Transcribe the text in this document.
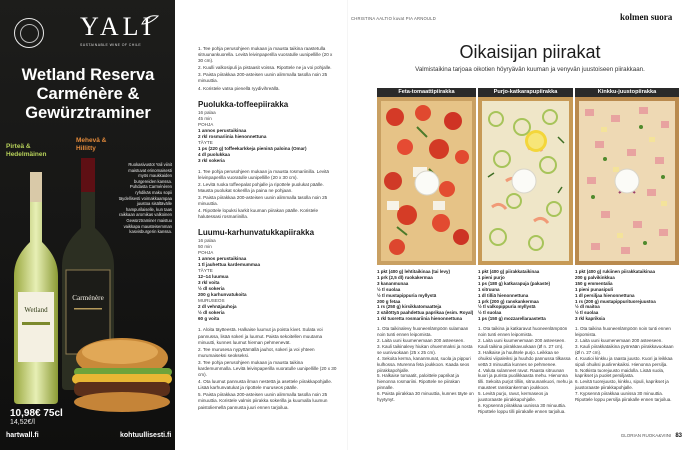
YALI
SUSTAINABLE WINE OF CHILE
Wetland Reserva Carménère & Gewürztraminer
Pirteä & Hedelmäinen
Mehevä & Hillitty
Ruokasivustot Yali viinit maistuvat erinomaisesti myös maukkaiden burgereiden kanssa. Puhdasta Carménèren ryhdikäs maku sopii täydellisesti voimakkaampaa juustoa sisältävälle hampurilaiselle, kun taas raikkaan aromikas valkoinen Gewürztraminer maistuu vaikkapa mausteisemman kasvisburgerin kanssa.
Wetland
Carménère
10,98€ 75cl
14,52€/l
hartwall.fi	kohtuullisesti.fi

1. Tee pohja perusohjeen mukaan ja mausta taikina raastetulla sitruunankuorella. Levitä leivinpaperilla vuoratulle uunipellille (20 x 30 cm).

2. Kuulli valkosipuli ja pistaasit voissa. Ripottele ne ja voi pohjalle.

3. Paista piirakkaa 200-asteisen uunin alimmalla tasolla noin 25 minuuttia.

4. Koristele vatsa pienellä ryydivihreällä.

Puolukka-toffeepiirakka
16 palaa
45 min
POHJA
1 annos perustaikinaa
2 rkl rosmariinia hienonnettuna
TÄYTE
1 ps (220 g) toffeekarkkeja pieninä paloina (Omar)
4 dl puolukkaa
3 rkl sokeria

1. Tee pohja perusohjeen mukaan ja mausta rosmariinilla. Levitä leivinpaperilla vuoratulle uunipellille (20 x 30 cm).

2. Levitä ruoka toffeepalat pohjalle ja ripottele puolukat päälle. Mausta puolukat sokerilla ja paina ne pohjaan.

3. Paista piirakkaa 200-asteisen uunin alimmalla tasolla noin 25 minuuttia.

4. Ripottele lopuksi karkit kuuman piirakan päälle. Koristele halutessasi rosmariinilla.

Luumu-karhunvatukkapiirakka
16 palaa
50 min
POHJA
1 annos perustaikinaa
1 tl jauhettua kardemummaa
TÄYTE
12–14 luumua
3 rkl voita
½ dl sokeria
200 g karhunvatukoita
MURUSEOS
2 dl vehnäjauhoja
½ dl sokeria
60 g voita

1. Aloita täytteestä. Halkaise luumut ja poista kivet. Sulata voi pannussa, lisää sokeri ja luumut. Paista sekoitellen muutama minuutti, kunnes luumut hieman pehmenevät.

2. Tee murusesa nypyttämällä jauhot, sokeri ja voi yhteen murumaiseksi seokseksi.

3. Tee pohja perusohjeen mukaan ja mausta taikina kardemummalla. Levitä leivinpaperilla vuoratulle uunipellille (20 x 30 cm).

4. Ota luumut pannusta ilman nestettä ja asettele piirakkapohjalle. Lisää karhunvatukat ja ripottele muruseos päälle.

5. Paista piirakkaa 200-asteisen uunin alimmalla tasolla noin 25 minuuttia. Koristele valmis piirakka sokerilla ja kuumalla luumun paistoliemellä pannusta juuri ennen tarjoilua.

CHRISTINA AALTIO kuvat PIA ARNOULD	kolmen suora
Oikaisijan piirakat
Valmistaikina tarjoaa oikotien höyryävän kuuman ja venyvän juustoiseen piirakkaan.
Feta-tomaattipiirakka
1 pkt (400 g) lehtitaikinaa (tai levy)
1 prk (2,5 dl) ruokakermaa
3 kananmunaa
½ tl suolaa
½ tl mustapippuria myllystä
200 g fetaa
1 rs (250 g) kirsikkatomaatteja
2 säilöttyä paahdettua paprikaa (esim. Royal)
1 rkl tuoretta rosmariinia hienonnettuna
1. Ota taikinalevy huoneenlämpöön sulamaan noin tunti ennen leipomista.
2. Laita uuni kuumenemaan 200 asteeseen.
3. Kauli taikinalevy hiukan ohuemmaksi ja nosta se uunivuokaan (25 x 25 cm).
4. Sekoita kerma, kananmunat, suola ja pippuri kulhossa. Murenna feta joukkoon. Kaada seos piirakkapohjalle.
5. Halkaise tomaatit, paloittele paprikat ja hienonna rosmariini. Ripottele ne piirakan pinnalle.
6. Paista piirakkaa 30 minuuttia, kunnes täyte on hyytynyt.
Purjo-katkarapupiirakka
1 pkt (400 g) piirakkataikinaa
1 pieni purjo
1 ps (180 g) katkarapuja (pakaste)
1 sitruuna
1 dl tilliä hienonnettuna
1 prk (200 g) ranskankermaa
½ tl valkopippuria myllystä
½ tl suolaa
1 ps (150 g) mozzarellaraastetta
1. Ota taikina ja katkaravut huoneenlämpöön noin tunti ennen leipomista.
2. Laita uuni kuumenemaan 200 asteeseen. Kauli taikina piirakkavuokaan (Ø n. 27 cm).
3. Halkaise ja huuhtele purjo. Leikkaa se ohuiksi viipaleiksi ja huuhdo pannussa tilkassa vettä 3 minuuttia kunnes se pehmenee.
4. Valuta sulanneet ravut. Raasta sitruunan kuori ja purista puolikkaasta mehu. Hienonna tilli. Sekoita purjot tilliin, sitruunankuori, mehu ja mausteet ranskankerman joukkoon.
5. Levitä purjo, ravut, kermaseos ja juustoraaste piirakkapohjalle.
6. Kypsennä piirakkaa uunissa 30 minuuttia. Ripottele loppu tilli piirakalle ennen tarjoilua.
Kinkku-juustopiirakka
1 pkt (400 g) rukiinen piirakkataikinaa
200 g palvikinkkua
150 g emmentalia
1 pieni punasipuli
1 dl persiljaa hienonnettuna
1 rs (200 g) mustapippurituorejuustoa
½ dl maitoa
½ tl suolaa
3 rkl kapriksia
1. Ota taikina huoneenlämpöön noin tunti ennen leipomista.
2. Laita uuni kuumenemaan 200 asteeseen.
3. Kauli piirakkataikina pyöreään piirakkavuokaan (Ø n. 27 cm).
4. Kuutioi kinkku ja raasta juusto. Kuori ja leikkaa sipuli ohuiksi puolirenkaiksi. Hienonna persilja.
5. Notkista tuorejuusto maidolla. Lisää suola, kaprikset ja puolet persiljasta.
6. Levitä tuorejuusto, kinkku, sipuli, kaprikset ja juustoraaste piirakkapohjalle.
7. Kypsennä piirakkaa uunissa 30 minuuttia. Ripottele loppu persilja piirakalle ennen tarjoilua.
GLORIAN RUOKA&VIINI 83
